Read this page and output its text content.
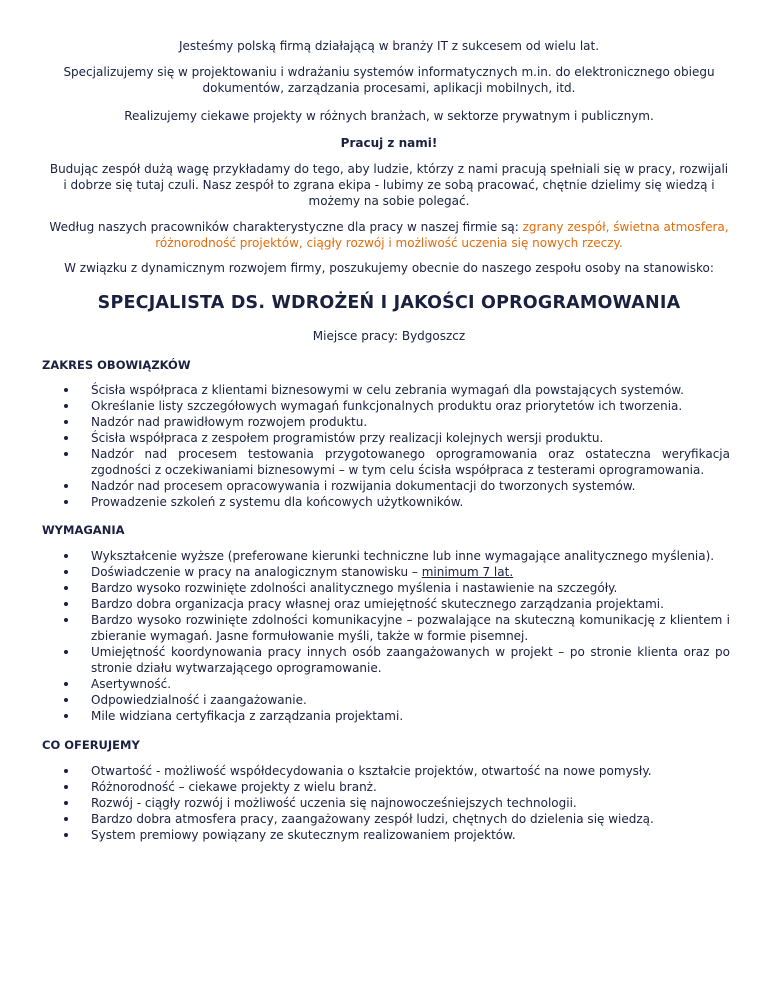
Jesteśmy polską firmą działającą w branży IT z sukcesem od wielu lat.

Specjalizujemy się w projektowaniu i wdrażaniu systemów informatycznych m.in. do elektronicznego obiegu dokumentów, zarządzania procesami, aplikacji mobilnych, itd.

Realizujemy ciekawe projekty w różnych branżach, w sektorze prywatnym i publicznym.

Pracuj z nami!

Budując zespół dużą wagę przykładamy do tego, aby ludzie, którzy z nami pracują spełniali się w pracy, rozwijali i dobrze się tutaj czuli. Nasz zespół to zgrana ekipa - lubimy ze sobą pracować, chętnie dzielimy się wiedzą i możemy na sobie polegać.

Według naszych pracowników charakterystyczne dla pracy w naszej firmie są: zgrany zespół, świetna atmosfera, różnorodność projektów, ciągły rozwój i możliwość uczenia się nowych rzeczy.

W związku z dynamicznym rozwojem firmy, poszukujemy obecnie do naszego zespołu osoby na stanowisko:

SPECJALISTA DS. WDROŻEŃ I JAKOŚCI OPROGRAMOWANIA

Miejsce pracy: Bydgoszcz

ZAKRES OBOWIĄZKÓW

Ścisła współpraca z klientami biznesowymi w celu zebrania wymagań dla powstających systemów.
Określanie listy szczegółowych wymagań funkcjonalnych produktu oraz priorytetów ich tworzenia.
Nadzór nad prawidłowym rozwojem produktu.
Ścisła współpraca z zespołem programistów przy realizacji kolejnych wersji produktu.
Nadzór nad procesem testowania przygotowanego oprogramowania oraz ostateczna weryfikacja zgodności z oczekiwaniami biznesowymi – w tym celu ścisła współpraca z testerami oprogramowania.
Nadzór nad procesem opracowywania i rozwijania dokumentacji do tworzonych systemów.
Prowadzenie szkoleń z systemu dla końcowych użytkowników.

WYMAGANIA

Wykształcenie wyższe (preferowane kierunki techniczne lub inne wymagające analitycznego myślenia).
Doświadczenie w pracy na analogicznym stanowisku – minimum 7 lat.
Bardzo wysoko rozwinięte zdolności analitycznego myślenia i nastawienie na szczegóły.
Bardzo dobra organizacja pracy własnej oraz umiejętność skutecznego zarządzania projektami.
Bardzo wysoko rozwinięte zdolności komunikacyjne – pozwalające na skuteczną komunikację z klientem i zbieranie wymagań. Jasne formułowanie myśli, także w formie pisemnej.
Umiejętność koordynowania pracy innych osób zaangażowanych w projekt – po stronie klienta oraz po stronie działu wytwarzającego oprogramowanie.
Asertywność.
Odpowiedzialność i zaangażowanie.
Mile widziana certyfikacja z zarządzania projektami.

CO OFERUJEMY

Otwartość - możliwość współdecydowania o kształcie projektów, otwartość na nowe pomysły.
Różnorodność – ciekawe projekty z wielu branż.
Rozwój - ciągły rozwój i możliwość uczenia się najnowocześniejszych technologii.
Bardzo dobra atmosfera pracy, zaangażowany zespół ludzi, chętnych do dzielenia się wiedzą.
System premiowy powiązany ze skutecznym realizowaniem projektów.
